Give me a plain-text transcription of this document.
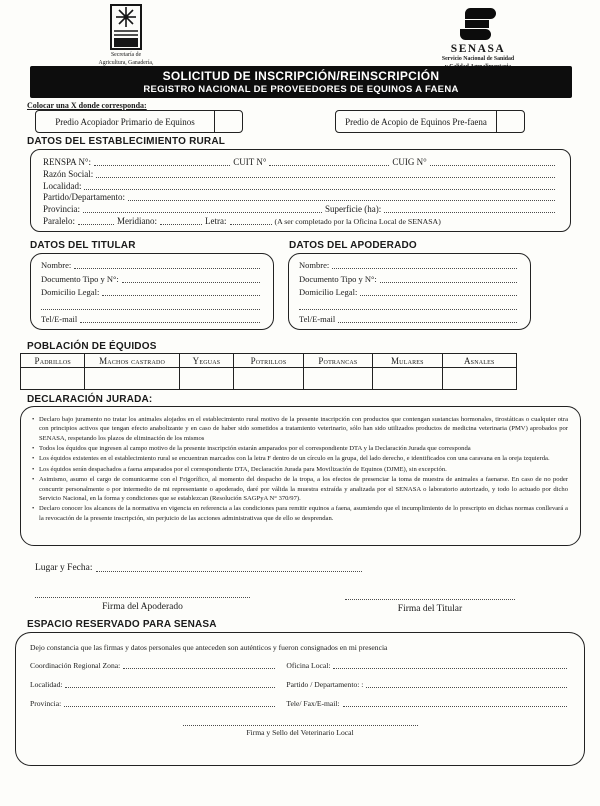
Secretaría de
Agricultura, Ganadería,
SENASA
Servicio Nacional de Sanidad
SOLICITUD DE INSCRIPCIÓN/REINSCRIPCIÓN
REGISTRO NACIONAL DE PROVEEDORES DE EQUINOS A FAENA
Colocar una X donde corresponda:
Predio Acopiador Primario de Equinos	Predio de Acopio de Equinos Pre-faena
DATOS DEL ESTABLECIMIENTO RURAL
RENSPA N°:	CUIT N°	CUIG N°
Razón Social:
Localidad:
Partido/Departamento:
Provincia:	Superficie (ha):
Paralelo:	Meridiano:	Letra:	(A ser completado por la Oficina Local de SENASA)
DATOS DEL TITULAR	DATOS DEL APODERADO
Nombre:
Documento Tipo y N°:
Domicilio Legal:
Tel/E-mail
Nombre:
Documento Tipo y N°:
Domicilio Legal:
Tel/E-mail
POBLACIÓN DE ÉQUIDOS
Padrillos	Machos castrado	Yeguas	Potrillos	Potrancas	Mulares	Asnales

DECLARACIÓN JURADA:
• Declaro bajo juramento no tratar los animales alojados en el establecimiento rural motivo de la presente inscripción con productos que contengan sustancias hormonales, tirostáticas o cualquier otra con principios activos que tengan efecto anabolizante y en caso de haber sido sometidos a tratamiento veterinario, sólo han sido utilizados productos de medicina veterinaria (PMV) aprobados por SENASA, respetando los plazos de eliminación de los mismos
• Todos los équidos que ingresen al campo motivo de la presente inscripción estarán amparados por el correspondiente DTA y la Declaración Jurada que corresponda
• Los équidos existentes en el establecimiento rural se encuentran marcados con la letra F dentro de un círculo en la grupa, del lado derecho, e identificados con una caravana en la oreja izquierda.
• Los équidos serán despachados a faena amparados por el correspondiente DTA, Declaración Jurada para Movilización de Equinos (DJME), sin excepción.
• Asimismo, asumo el cargo de comunicarme con el Frigorífico, al momento del despacho de la tropa, a los efectos de presenciar la toma de muestra de animales a faenarse. En caso de no poder concurrir personalmente o por intermedio de mi representante o apoderado, daré por válida la muestra extraída y analizada por el SENASA o laboratorio autorizado, y todo lo actuado por dicho Servicio Nacional, en la forma y condiciones que se establezcan (Resolución SAGPyA N° 370/97).
• Declaro conocer los alcances de la normativa en vigencia en referencia a las condiciones para remitir equinos a faena, asumiendo que el incumplimiento de lo prescripto en dichas normas conllevará a la revocación de la presente inscripción, sin perjuicio de las acciones administrativas que de ello se desprendan.
Lugar y Fecha:
Firma del Apoderado	Firma del Titular
ESPACIO RESERVADO PARA SENASA
Dejo constancia que las firmas y datos personales que anteceden son auténticos y fueron consignados en mi presencia
Coordinación Regional Zona:	Oficina Local:
Localidad:	Partido / Departamento: :
Provincia:	Tele/ Fax/E-mail:
Firma y Sello del Veterinario Local
